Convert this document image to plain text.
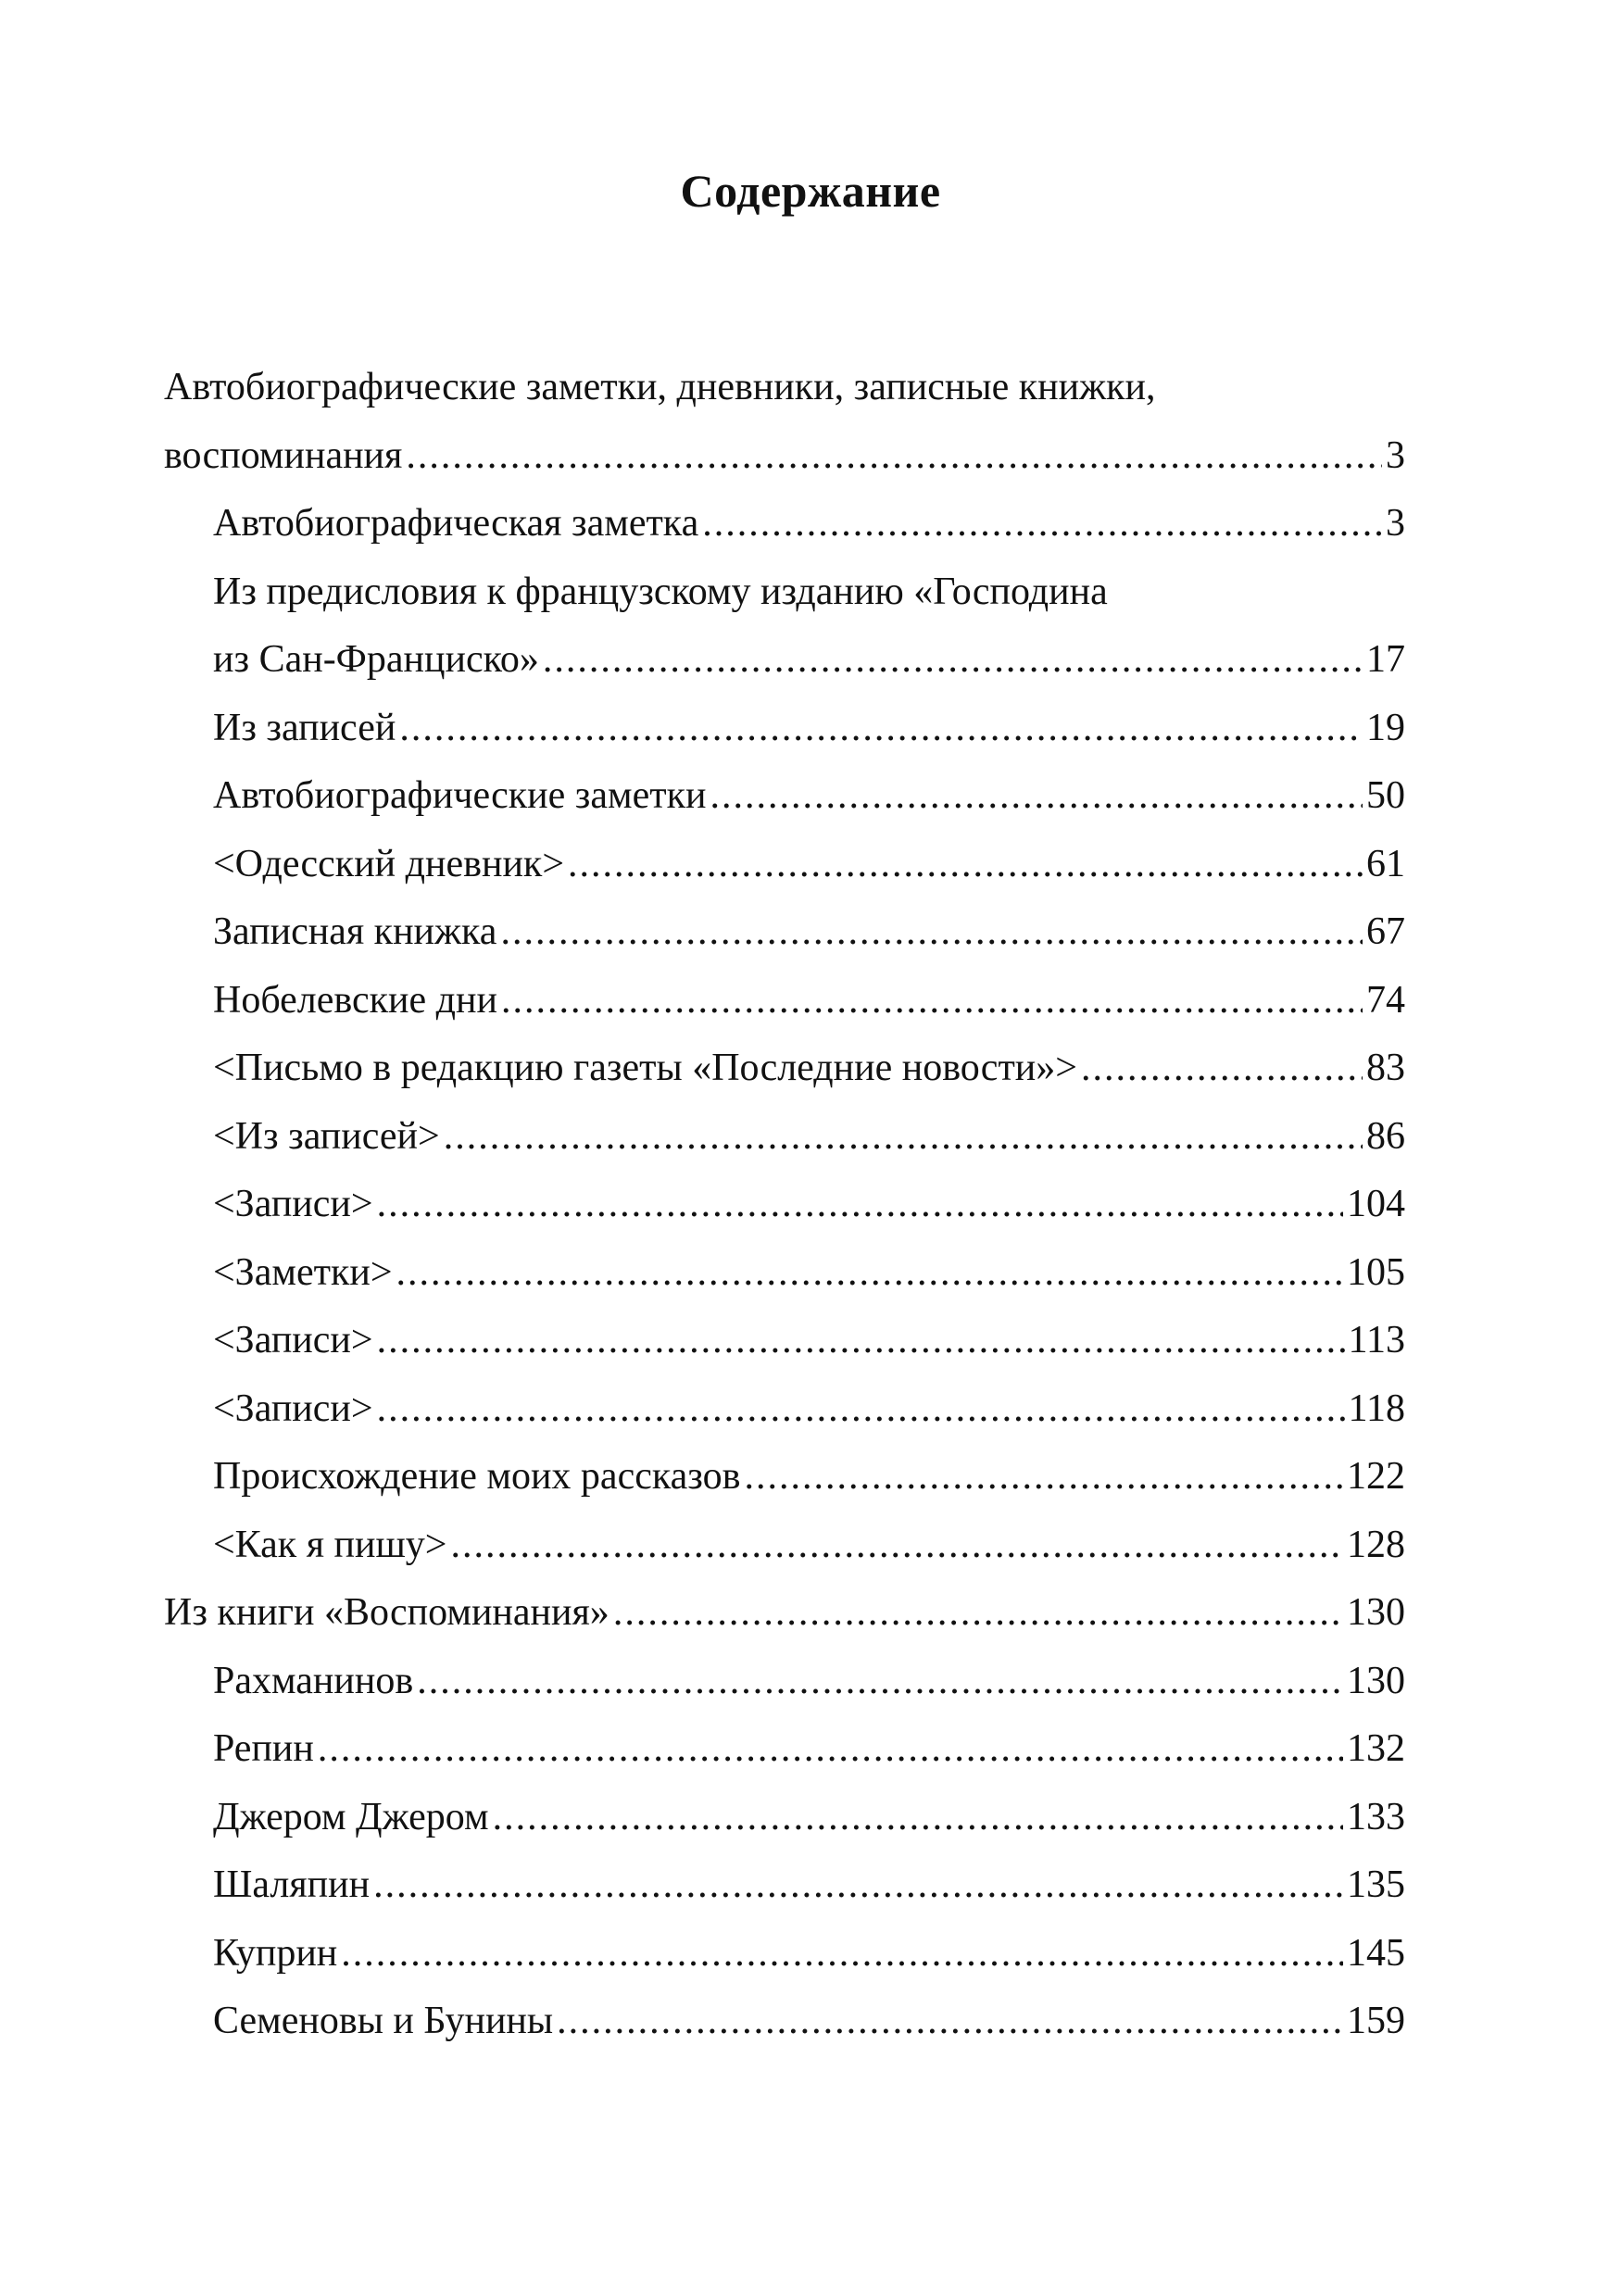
Содержание
Автобиографические заметки, дневники, записные книжки,
воспоминания .....	3
Автобиографическая заметка .....	3
Из предисловия к французскому изданию «Господина
из Сан-Франциско» .....	17
Из записей .....	19
Автобиографические заметки .....	50
<Одесский дневник> .....	61
Записная книжка .....	67
Нобелевские дни .....	74
<Письмо в редакцию газеты «Последние новости»> .....	83
<Из записей> .....	86
<Записи> .....	104
<Заметки> .....	105
<Записи> .....	113
<Записи> .....	118
Происхождение моих рассказов .....	122
<Как я пишу> .....	128
Из книги «Воспоминания» .....	130
Рахманинов .....	130
Репин .....	132
Джером Джером .....	133
Шаляпин .....	135
Куприн .....	145
Семеновы и Бунины .....	159
